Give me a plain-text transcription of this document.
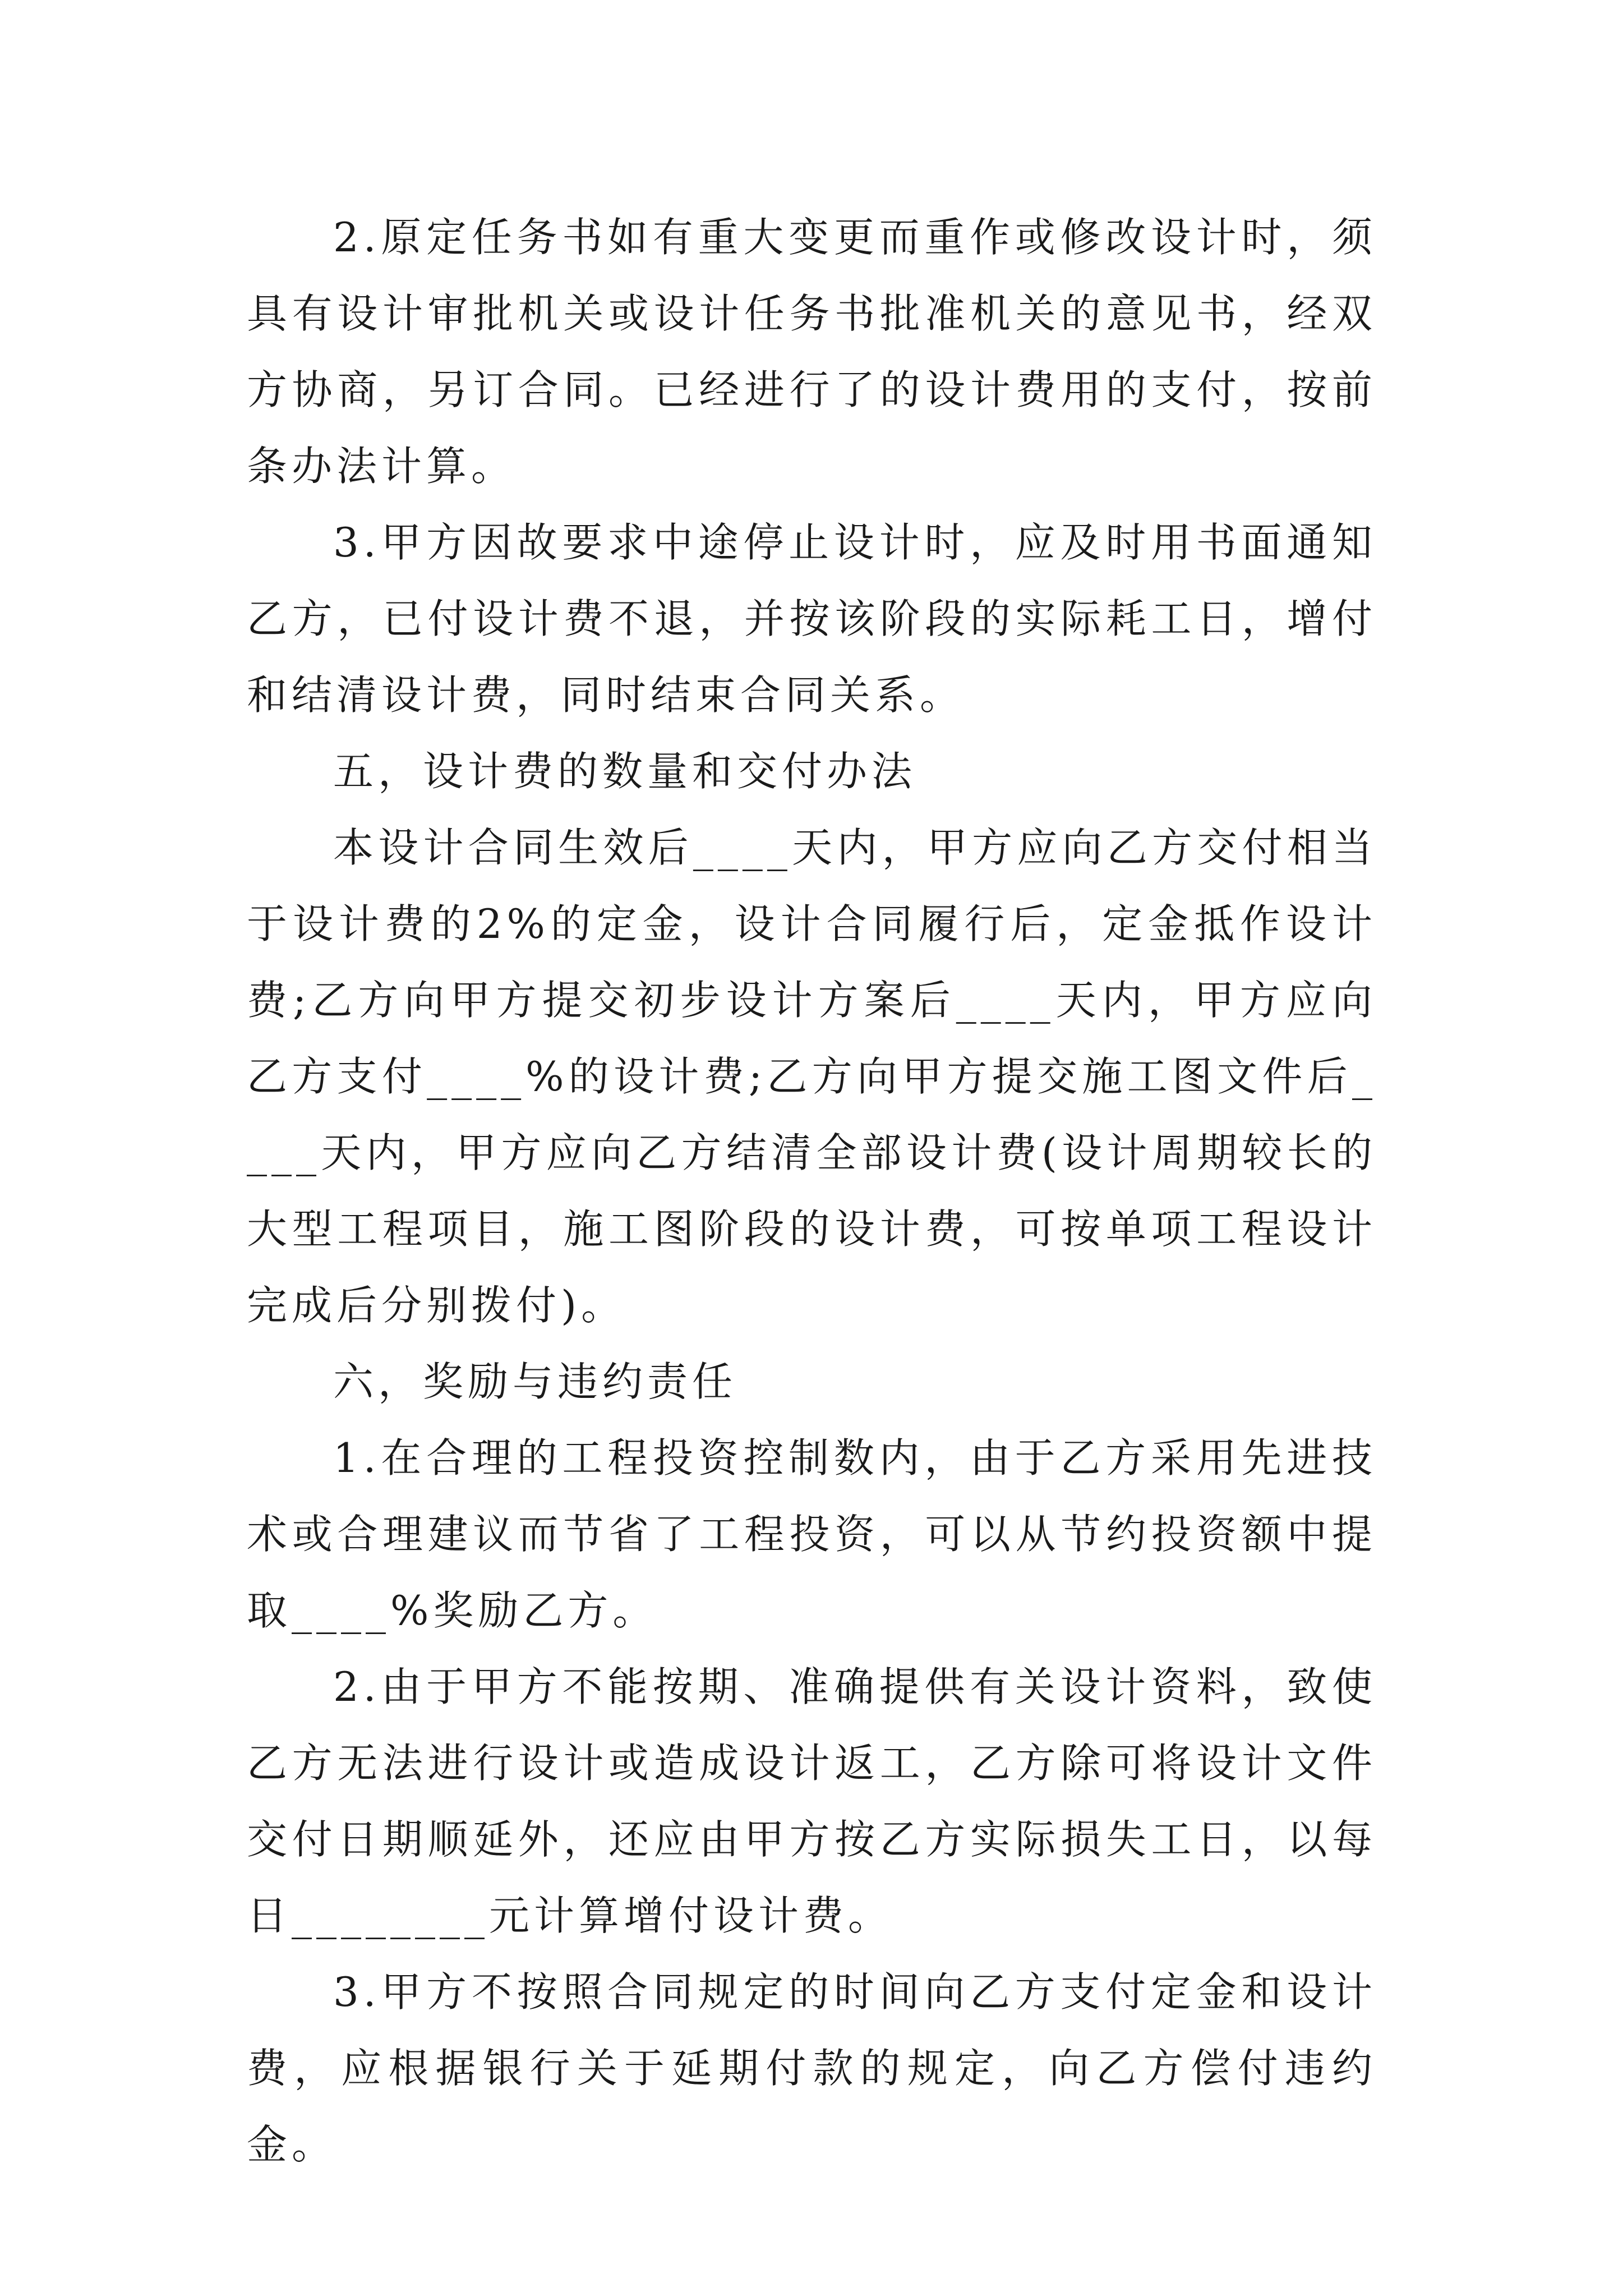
2.原定任务书如有重大变更而重作或修改设计时，须具有设计审批机关或设计任务书批准机关的意见书，经双方协商，另订合同。已经进行了的设计费用的支付，按前条办法计算。

3.甲方因故要求中途停止设计时，应及时用书面通知乙方，已付设计费不退，并按该阶段的实际耗工日，增付和结清设计费，同时结束合同关系。

五，设计费的数量和交付办法

本设计合同生效后____天内，甲方应向乙方交付相当于设计费的2%的定金，设计合同履行后，定金抵作设计费;乙方向甲方提交初步设计方案后____天内，甲方应向乙方支付____%的设计费;乙方向甲方提交施工图文件后____天内，甲方应向乙方结清全部设计费(设计周期较长的大型工程项目，施工图阶段的设计费，可按单项工程设计完成后分别拨付)。

六，奖励与违约责任

1.在合理的工程投资控制数内，由于乙方采用先进技术或合理建议而节省了工程投资，可以从节约投资额中提取____%奖励乙方。

2.由于甲方不能按期、准确提供有关设计资料，致使乙方无法进行设计或造成设计返工，乙方除可将设计文件交付日期顺延外，还应由甲方按乙方实际损失工日，以每日________元计算增付设计费。

3.甲方不按照合同规定的时间向乙方支付定金和设计费，应根据银行关于延期付款的规定，向乙方偿付违约金。
